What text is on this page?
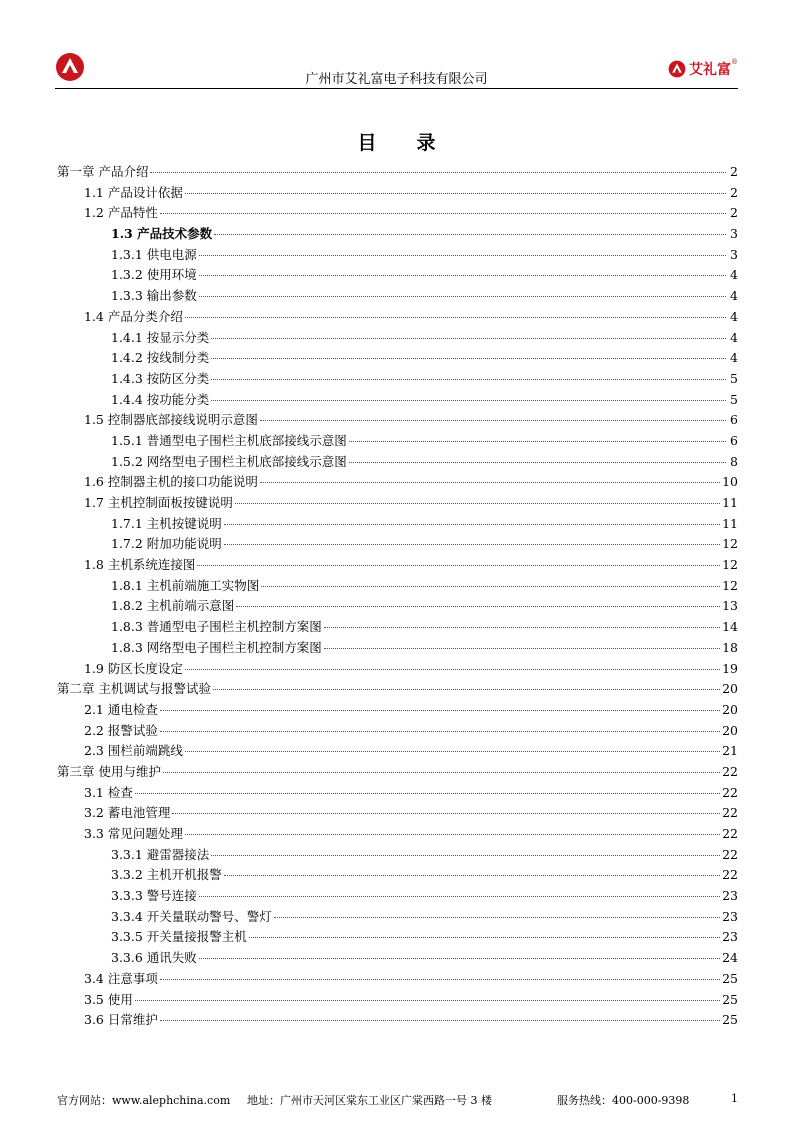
广州市艾礼富电子科技有限公司
艾礼富 ®
目 录
第一章 产品介绍	2
1.1 产品设计依据	2
1.2 产品特性	2
1.3 产品技术参数	3
1.3.1 供电电源	3
1.3.2 使用环境	4
1.3.3 输出参数	4
1.4 产品分类介绍	4
1.4.1 按显示分类	4
1.4.2 按线制分类	4
1.4.3 按防区分类	5
1.4.4 按功能分类	5
1.5 控制器底部接线说明示意图	6
1.5.1 普通型电子围栏主机底部接线示意图	6
1.5.2 网络型电子围栏主机底部接线示意图	8
1.6 控制器主机的接口功能说明	10
1.7 主机控制面板按键说明	11
1.7.1 主机按键说明	11
1.7.2 附加功能说明	12
1.8 主机系统连接图	12
1.8.1 主机前端施工实物图	12
1.8.2 主机前端示意图	13
1.8.3 普通型电子围栏主机控制方案图	14
1.8.3 网络型电子围栏主机控制方案图	18
1.9 防区长度设定	19
第二章 主机调试与报警试验	20
2.1 通电检查	20
2.2 报警试验	20
2.3 围栏前端跳线	21
第三章 使用与维护	22
3.1 检查	22
3.2 蓄电池管理	22
3.3 常见问题处理	22
3.3.1 避雷器接法	22
3.3.2 主机开机报警	22
3.3.3 警号连接	23
3.3.4 开关量联动警号、警灯	23
3.3.5 开关量接报警主机	23
3.3.6 通讯失败	24
3.4 注意事项	25
3.5 使用	25
3.6 日常维护	25
官方网站：www.alephchina.com	地址：广州市天河区棠东工业区广棠西路一号 3 楼	服务热线：400-000-9398	1
